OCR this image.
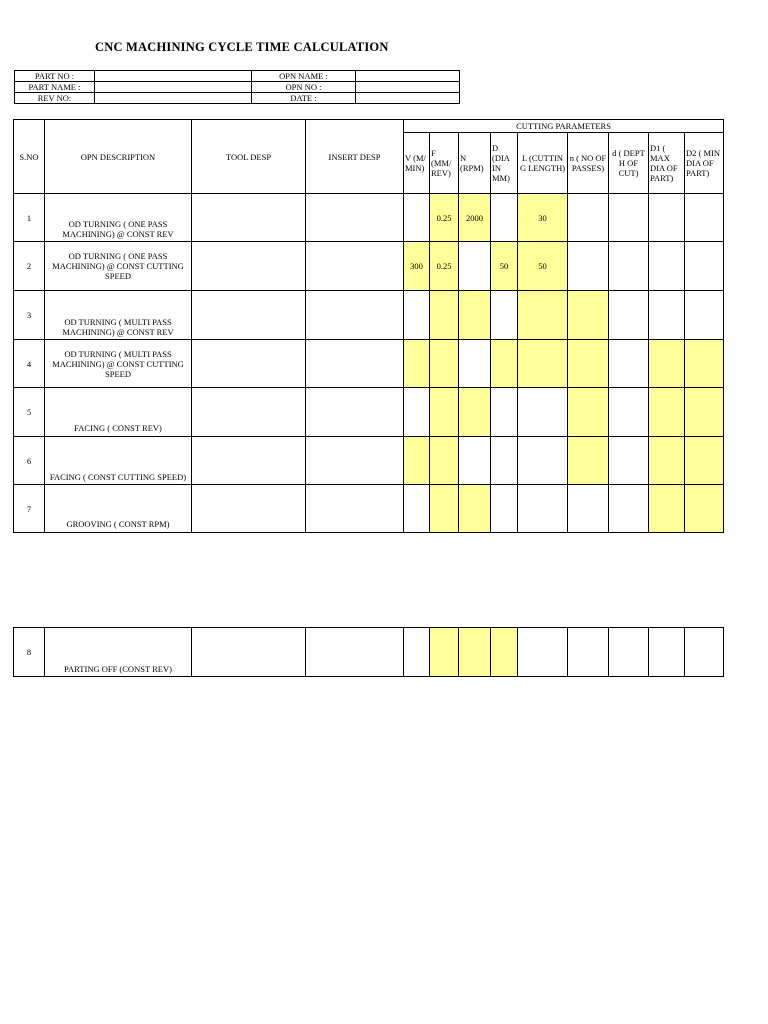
CNC MACHINING CYCLE TIME CALCULATION
PART NO :		OPN NAME :	
PART NAME :		OPN NO :	
REV NO:		DATE :	
S.NO	OPN DESCRIPTION	TOOL DESP	INSERT DESP	CUTTING PARAMETERS								
				V (M/ MIN)	F (MM/ REV)	N (RPM)	D (DIA IN MM)	L (CUTTIN G LENGTH)	n ( NO OF PASSES)	d ( DEPT H OF CUT)	D1 ( MAX DIA OF PART)	D2 ( MIN DIA OF PART)
1	OD TURNING ( ONE PASS MACHINING) @ CONST REV				0.25	2000		30				
2	OD TURNING ( ONE PASS MACHINING) @ CONST CUTTING SPEED			300	0.25		50	50				
3	OD TURNING ( MULTI PASS MACHINING) @ CONST REV											
4	OD TURNING ( MULTI PASS MACHINING) @ CONST CUTTING SPEED											
5	FACING ( CONST REV)											
6	FACING ( CONST CUTTING SPEED)											
7	GROOVING ( CONST RPM)											
8	PARTING OFF (CONST REV)											
